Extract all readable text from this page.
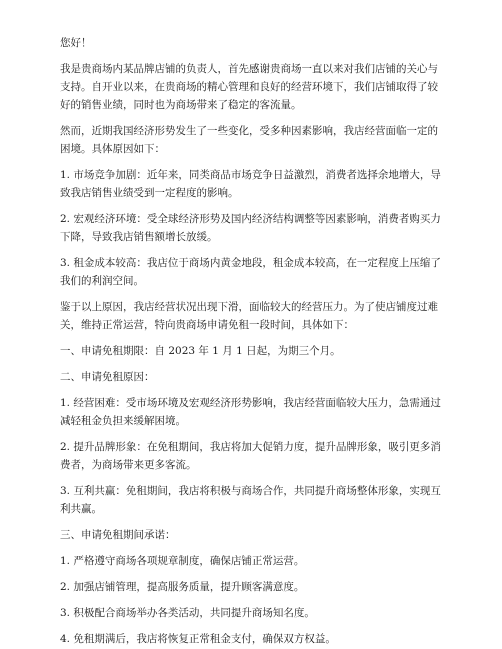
您好！

我是贵商场内某品牌店铺的负责人，首先感谢贵商场一直以来对我们店铺的关心与支持。自开业以来，在贵商场的精心管理和良好的经营环境下，我们店铺取得了较好的销售业绩，同时也为商场带来了稳定的客流量。

然而，近期我国经济形势发生了一些变化，受多种因素影响，我店经营面临一定的困境。具体原因如下：

1. 市场竞争加剧：近年来，同类商品市场竞争日益激烈，消费者选择余地增大，导致我店销售业绩受到一定程度的影响。

2. 宏观经济环境：受全球经济形势及国内经济结构调整等因素影响，消费者购买力下降，导致我店销售额增长放缓。

3. 租金成本较高：我店位于商场内黄金地段，租金成本较高，在一定程度上压缩了我们的利润空间。

鉴于以上原因，我店经营状况出现下滑，面临较大的经营压力。为了使店铺度过难关，维持正常运营，特向贵商场申请免租一段时间，具体如下：

一、申请免租期限：自 2023 年 1 月 1 日起，为期三个月。

二、申请免租原因：

1. 经营困难：受市场环境及宏观经济形势影响，我店经营面临较大压力，急需通过减轻租金负担来缓解困境。

2. 提升品牌形象：在免租期间，我店将加大促销力度，提升品牌形象，吸引更多消费者，为商场带来更多客流。

3. 互利共赢：免租期间，我店将积极与商场合作，共同提升商场整体形象，实现互利共赢。

三、申请免租期间承诺：

1. 严格遵守商场各项规章制度，确保店铺正常运营。

2. 加强店铺管理，提高服务质量，提升顾客满意度。

3. 积极配合商场举办各类活动，共同提升商场知名度。

4. 免租期满后，我店将恢复正常租金支付，确保双方权益。
